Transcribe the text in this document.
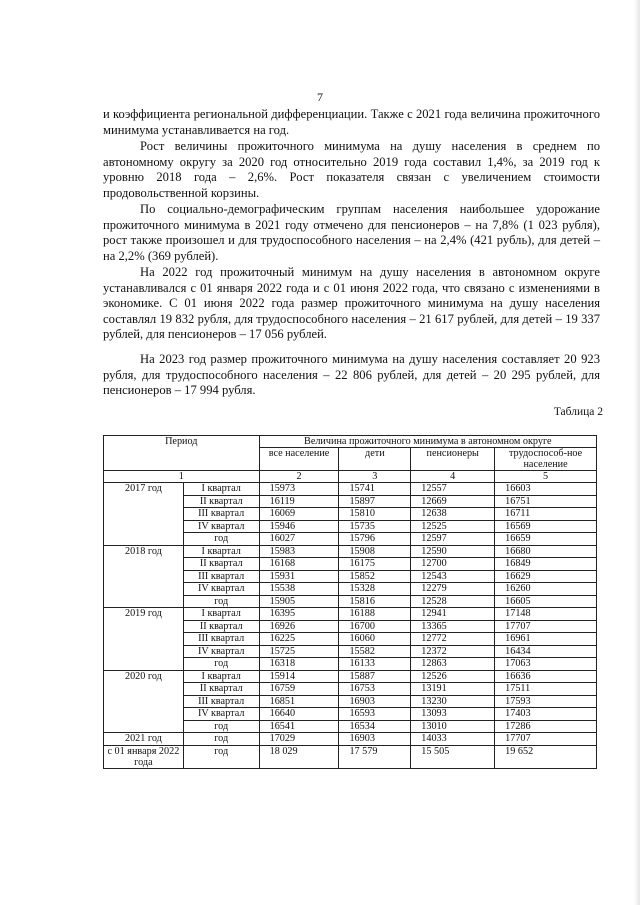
7

и коэффициента региональной дифференциации. Также с 2021 года величина прожиточного минимума устанавливается на год.

Рост величины прожиточного минимума на душу населения в среднем по автономному округу за 2020 год относительно 2019 года составил 1,4%, за 2019 год к уровню 2018 года – 2,6%. Рост показателя связан с увеличением стоимости продовольственной корзины.

По социально-демографическим группам населения наибольшее удорожание прожиточного минимума в 2021 году отмечено для пенсионеров – на 7,8% (1 023 рубля), рост также произошел и для трудоспособного населения – на 2,4% (421 рубль), для детей – на 2,2% (369 рублей).

На 2022 год прожиточный минимум на душу населения в автономном округе устанавливался с 01 января 2022 года и с 01 июня 2022 года, что связано с изменениями в экономике. С 01 июня 2022 года размер прожиточного минимума на душу населения составлял 19 832 рубля, для трудоспособного населения – 21 617 рублей, для детей – 19 337 рублей, для пенсионеров – 17 056 рублей.

На 2023 год размер прожиточного минимума на душу населения составляет 20 923 рубля, для трудоспособного населения – 22 806 рублей, для детей – 20 295 рублей, для пенсионеров – 17 994 рубля.

Таблица 2
Период		Величина прожиточного минимума в автономном округе			
		все население	дети	пенсионеры	трудоспособ-ное население
1		2	3	4	5
2017 год	I квартал	15973	15741	12557	16603
	II квартал	16119	15897	12669	16751
	III квартал	16069	15810	12638	16711
	IV квартал	15946	15735	12525	16569
	год	16027	15796	12597	16659
2018 год	I квартал	15983	15908	12590	16680
	II квартал	16168	16175	12700	16849
	III квартал	15931	15852	12543	16629
	IV квартал	15538	15328	12279	16260
	год	15905	15816	12528	16605
2019 год	I квартал	16395	16188	12941	17148
	II квартал	16926	16700	13365	17707
	III квартал	16225	16060	12772	16961
	IV квартал	15725	15582	12372	16434
	год	16318	16133	12863	17063
2020 год	I квартал	15914	15887	12526	16636
	II квартал	16759	16753	13191	17511
	III квартал	16851	16903	13230	17593
	IV квартал	16640	16593	13093	17403
	год	16541	16534	13010	17286
2021 год	год	17029	16903	14033	17707
с 01 января 2022 года	год	18 029	17 579	15 505	19 652
